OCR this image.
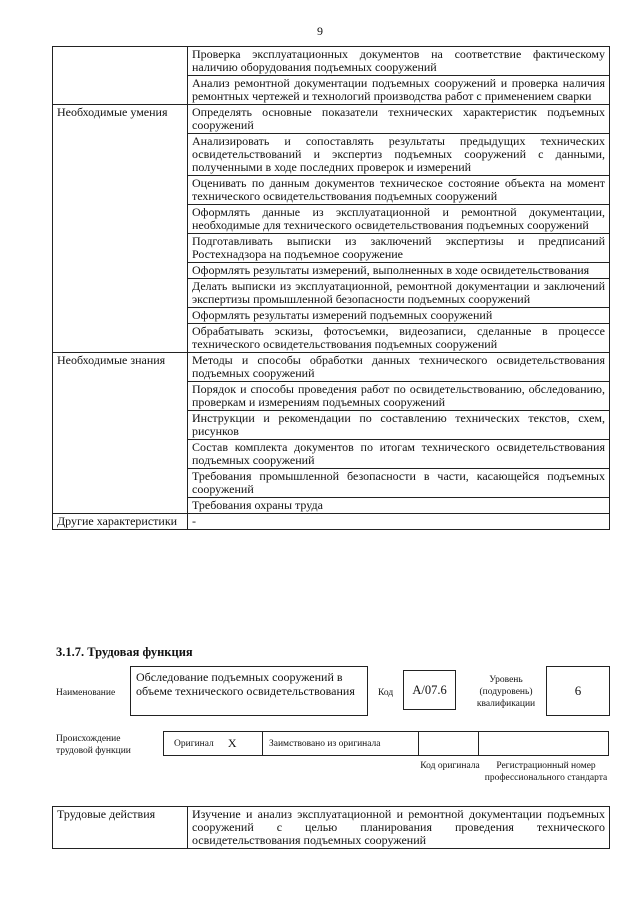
9
	Проверка эксплуатационных документов на соответствие фактическому наличию оборудования подъемных сооружений
	Анализ ремонтной документации подъемных сооружений и проверка наличия ремонтных чертежей и технологий производства работ с применением сварки
Необходимые умения	Определять основные показатели технических характеристик подъемных сооружений
	Анализировать и сопоставлять результаты предыдущих технических освидетельствований и экспертиз подъемных сооружений с данными, полученными в ходе последних проверок и измерений
	Оценивать по данным документов техническое состояние объекта на момент технического освидетельствования подъемных сооружений
	Оформлять данные из эксплуатационной и ремонтной документации, необходимые для технического освидетельствования подъемных сооружений
	Подготавливать выписки из заключений экспертизы и предписаний Ростехнадзора на подъемное сооружение
	Оформлять результаты измерений, выполненных в ходе освидетельствования
	Делать выписки из эксплуатационной, ремонтной документации и заключений экспертизы промышленной безопасности подъемных сооружений
	Оформлять результаты измерений подъемных сооружений
	Обрабатывать эскизы, фотосъемки, видеозаписи, сделанные в процессе технического освидетельствования подъемных сооружений
Необходимые знания	Методы и способы обработки данных технического освидетельствования подъемных сооружений
	Порядок и способы проведения работ по освидетельствованию, обследованию, проверкам и измерениям подъемных сооружений
	Инструкции и рекомендации по составлению технических текстов, схем, рисунков
	Состав комплекта документов по итогам технического освидетельствования подъемных сооружений
	Требования промышленной безопасности в части, касающейся подъемных сооружений
	Требования охраны труда
Другие характеристики	-
3.1.7. Трудовая функция
Наименование
Обследование подъемных сооружений в объеме технического освидетельствования	Код	A/07.6
Уровень (подуровень) квалификации
6
Происхождение трудовой функции
Оригинал X	Заимствовано из оригинала
Код оригинала	Регистрационный номер профессионального стандарта
Трудовые действия	Изучение и анализ эксплуатационной и ремонтной документации подъемных сооружений с целью планирования проведения технического освидетельствования подъемных сооружений
